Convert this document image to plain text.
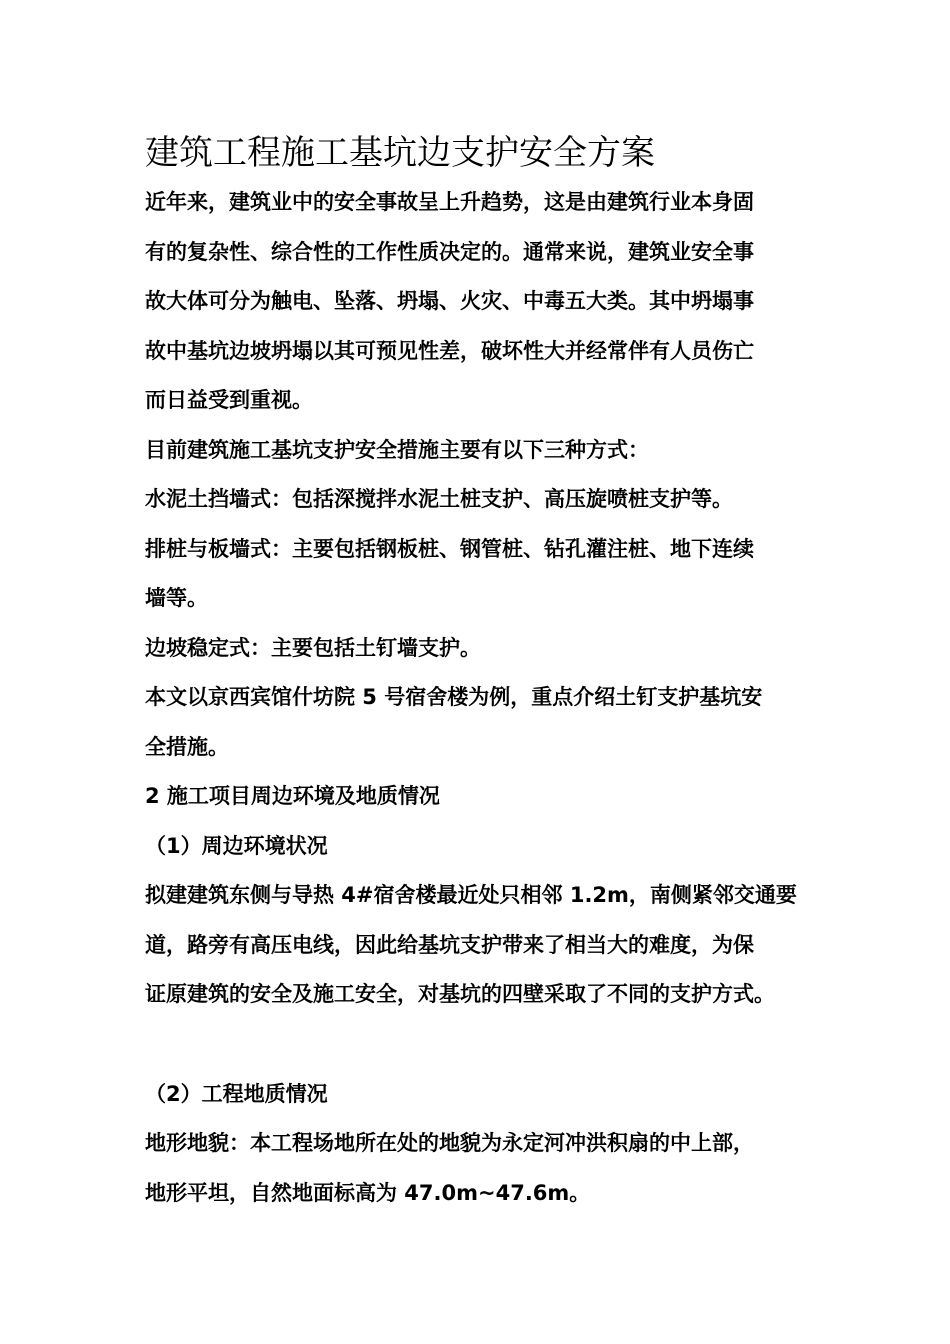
建筑工程施工基坑边支护安全方案

近年来，建筑业中的安全事故呈上升趋势，这是由建筑行业本身固

有的复杂性、综合性的工作性质决定的。通常来说，建筑业安全事

故大体可分为触电、坠落、坍塌、火灾、中毒五大类。其中坍塌事

故中基坑边坡坍塌以其可预见性差，破坏性大并经常伴有人员伤亡

而日益受到重视。

目前建筑施工基坑支护安全措施主要有以下三种方式：

水泥土挡墙式：包括深搅拌水泥土桩支护、高压旋喷桩支护等。

排桩与板墙式：主要包括钢板桩、钢管桩、钻孔灌注桩、地下连续

墙等。

边坡稳定式：主要包括土钉墙支护。

本文以京西宾馆什坊院 5 号宿舍楼为例，重点介绍土钉支护基坑安

全措施。

2 施工项目周边环境及地质情况

（1）周边环境状况

拟建建筑东侧与导热 4#宿舍楼最近处只相邻 1.2m，南侧紧邻交通要

道，路旁有高压电线，因此给基坑支护带来了相当大的难度，为保

证原建筑的安全及施工安全，对基坑的四壁采取了不同的支护方式。

（2）工程地质情况

地形地貌：本工程场地所在处的地貌为永定河冲洪积扇的中上部，

地形平坦，自然地面标高为 47.0m~47.6m。
